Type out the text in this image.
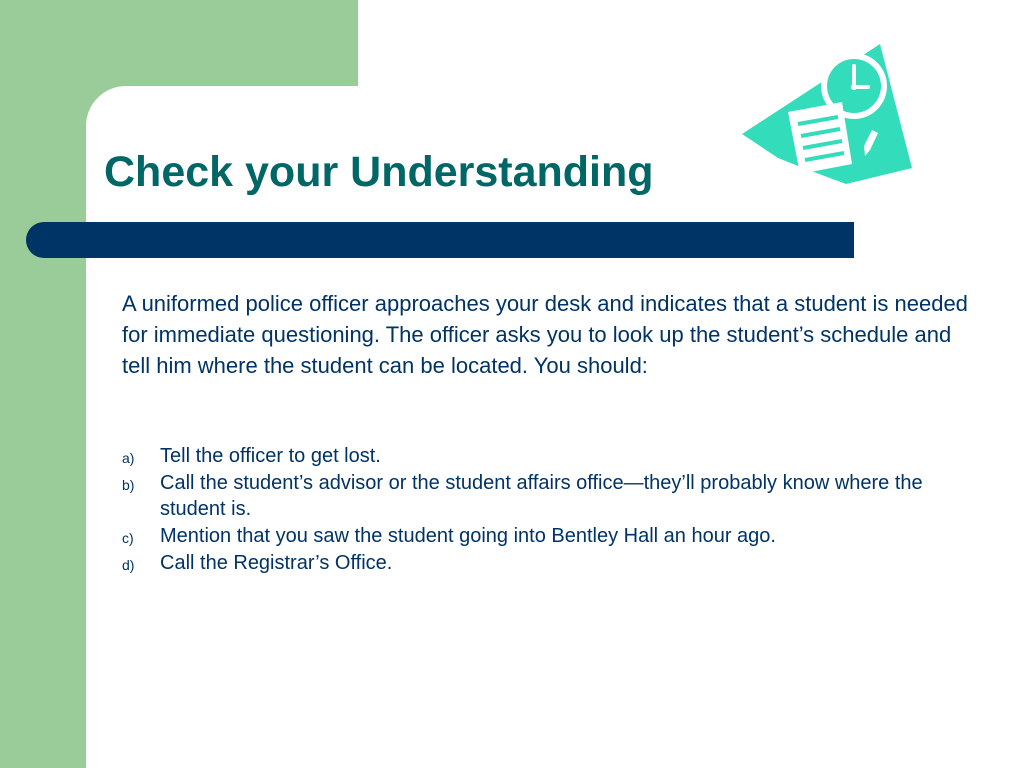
Check your Understanding

A uniformed police officer approaches your desk and indicates that a student is needed for immediate questioning. The officer asks you to look up the student’s schedule and tell him where the student can be located. You should:

a) Tell the officer to get lost.
b) Call the student’s advisor or the student affairs office—they’ll probably know where the student is.
c) Mention that you saw the student going into Bentley Hall an hour ago.
d) Call the Registrar’s Office.
